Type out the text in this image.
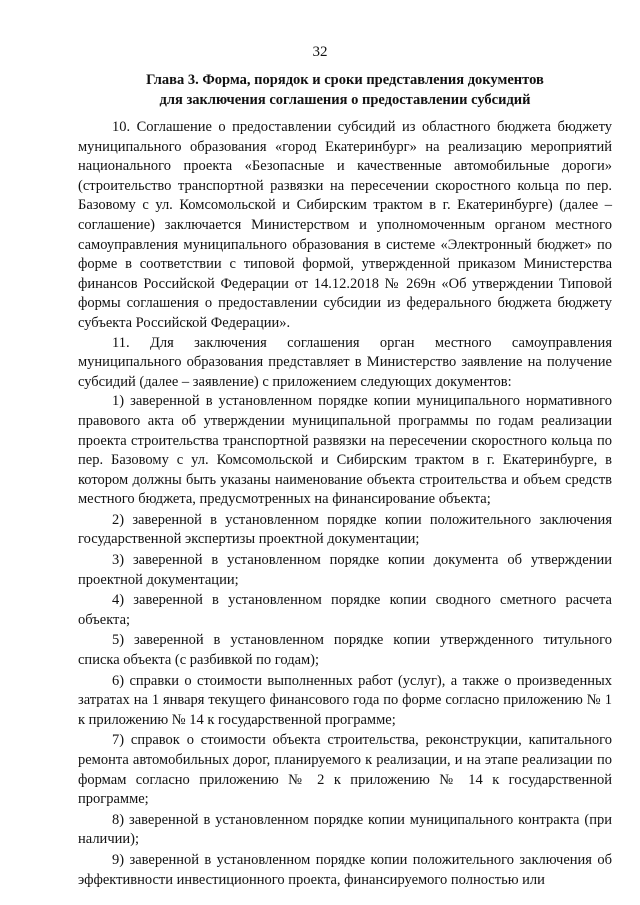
32
Глава 3. Форма, порядок и сроки представления документов
для заключения соглашения о предоставлении субсидий

10. Соглашение о предоставлении субсидий из областного бюджета бюджету муниципального образования «город Екатеринбург» на реализацию мероприятий национального проекта «Безопасные и качественные автомобильные дороги» (строительство транспортной развязки на пересечении скоростного кольца по пер. Базовому с ул. Комсомольской и Сибирским трактом в г. Екатеринбурге) (далее – соглашение) заключается Министерством и уполномоченным органом местного самоуправления муниципального образования в системе «Электронный бюджет» по форме в соответствии с типовой формой, утвержденной приказом Министерства финансов Российской Федерации от 14.12.2018 № 269н «Об утверждении Типовой формы соглашения о предоставлении субсидии из федерального бюджета бюджету субъекта Российской Федерации».

11. Для заключения соглашения орган местного самоуправления муниципального образования представляет в Министерство заявление на получение субсидий (далее – заявление) с приложением следующих документов:

1) заверенной в установленном порядке копии муниципального нормативного правового акта об утверждении муниципальной программы по годам реализации проекта строительства транспортной развязки на пересечении скоростного кольца по пер. Базовому с ул. Комсомольской и Сибирским трактом в г. Екатеринбурге, в котором должны быть указаны наименование объекта строительства и объем средств местного бюджета, предусмотренных на финансирование объекта;

2) заверенной в установленном порядке копии положительного заключения государственной экспертизы проектной документации;

3) заверенной в установленном порядке копии документа об утверждении проектной документации;

4) заверенной в установленном порядке копии сводного сметного расчета объекта;

5) заверенной в установленном порядке копии утвержденного титульного списка объекта (с разбивкой по годам);

6) справки о стоимости выполненных работ (услуг), а также о произведенных затратах на 1 января текущего финансового года по форме согласно приложению № 1 к приложению № 14 к государственной программе;

7) справок о стоимости объекта строительства, реконструкции, капитального ремонта автомобильных дорог, планируемого к реализации, и на этапе реализации по формам согласно приложению № 2 к приложению № 14 к государственной программе;

8) заверенной в установленном порядке копии муниципального контракта (при наличии);

9) заверенной в установленном порядке копии положительного заключения об эффективности инвестиционного проекта, финансируемого полностью или
